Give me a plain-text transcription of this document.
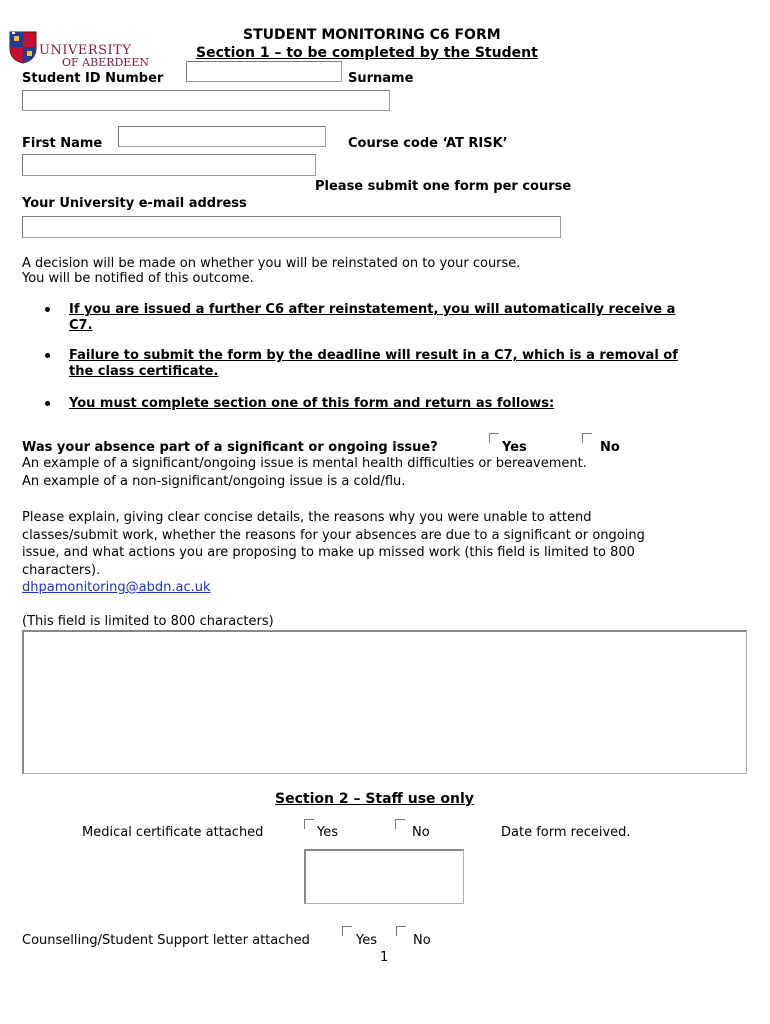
UNIVERSITY
OF ABERDEEN
STUDENT MONITORING C6 FORM
Section 1 – to be completed by the Student
Student ID Number	Surname
First Name	Course code ‘AT RISK’
Please submit one form per course
Your University e-mail address
A decision will be made on whether you will be reinstated on to your course.
You will be notified of this outcome.
If you are issued a further C6 after reinstatement, you will automatically receive a
C7.
Failure to submit the form by the deadline will result in a C7, which is a removal of
the class certificate.
You must complete section one of this form and return as follows:
Was your absence part of a significant or ongoing issue?	Yes	No
An example of a significant/ongoing issue is mental health difficulties or bereavement.
An example of a non-significant/ongoing issue is a cold/flu.
Please explain, giving clear concise details, the reasons why you were unable to attend
classes/submit work, whether the reasons for your absences are due to a significant or ongoing
issue, and what actions you are proposing to make up missed work (this field is limited to 800
characters).
dhpamonitoring@abdn.ac.uk
(This field is limited to 800 characters)
Section 2 – Staff use only
Medical certificate attached	Yes	No	Date form received.
Counselling/Student Support letter attached	Yes	No
1
